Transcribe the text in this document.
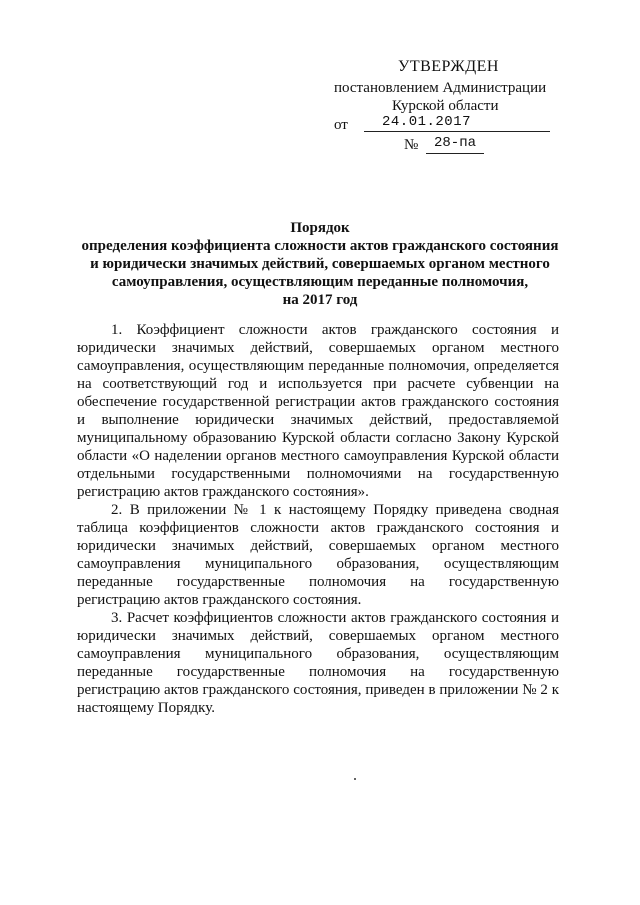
УТВЕРЖДЕН
постановлением Администрации
Курской области
от 24.01.2017
№ 28-па
Порядок
определения коэффициента сложности актов гражданского состояния
и юридически значимых действий, совершаемых органом местного
самоуправления, осуществляющим переданные полномочия,
на 2017 год

1. Коэффициент сложности актов гражданского состояния и юридически значимых действий, совершаемых органом местного самоуправления, осуществляющим переданные полномочия, определяется на соответствующий год и используется при расчете субвенции на обеспечение государственной регистрации актов гражданского состояния и выполнение юридически значимых действий, предоставляемой муниципальному образованию Курской области согласно Закону Курской области «О наделении органов местного самоуправления Курской области отдельными государственными полномочиями на государственную регистрацию актов гражданского состояния».

2. В приложении № 1 к настоящему Порядку приведена сводная таблица коэффициентов сложности актов гражданского состояния и юридически значимых действий, совершаемых органом местного самоуправления муниципального образования, осуществляющим переданные государственные полномочия на государственную регистрацию актов гражданского состояния.

3. Расчет коэффициентов сложности актов гражданского состояния и юридически значимых действий, совершаемых органом местного самоуправления муниципального образования, осуществляющим переданные государственные полномочия на государственную регистрацию актов гражданского состояния, приведен в приложении № 2 к настоящему Порядку.
